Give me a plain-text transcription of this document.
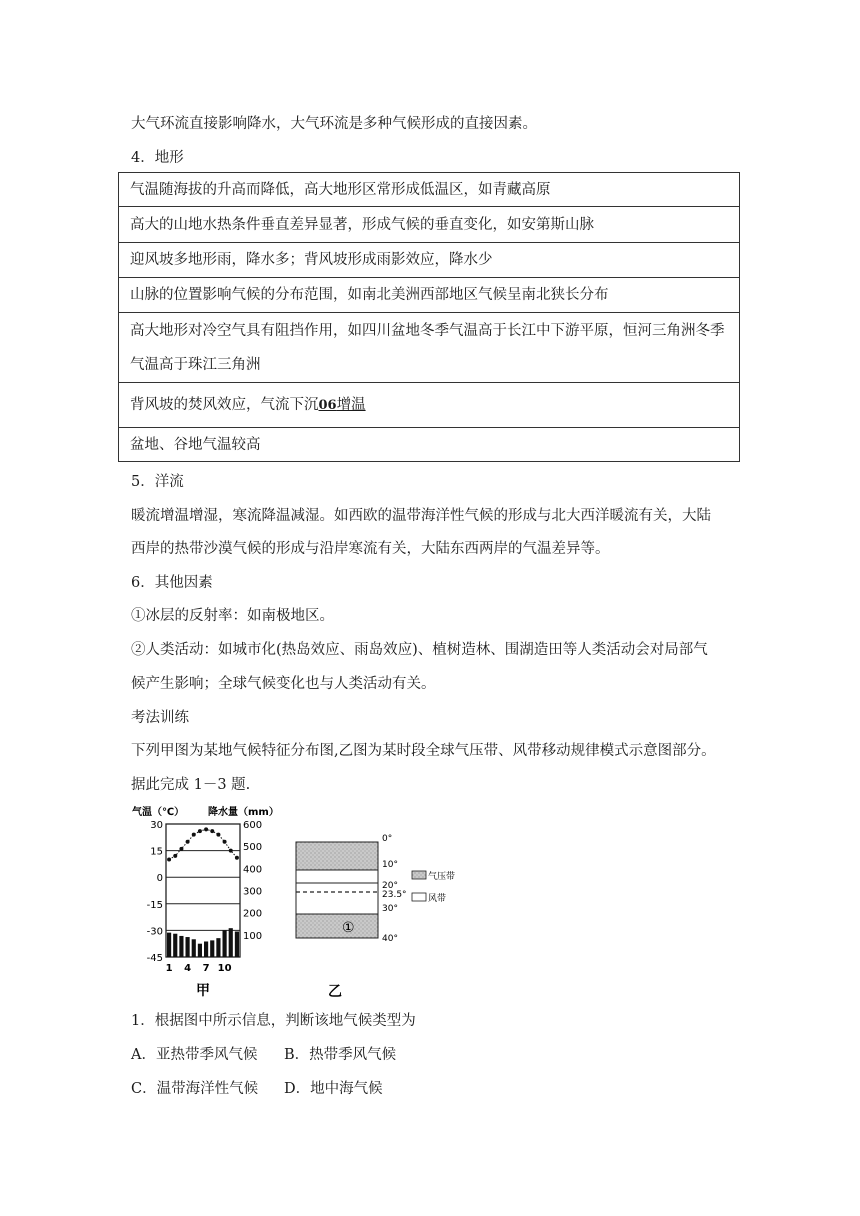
大气环流直接影响降水，大气环流是多种气候形成的直接因素。
4．地形
气温随海拔的升高而降低，高大地形区常形成低温区，如青藏高原
高大的山地水热条件垂直差异显著，形成气候的垂直变化，如安第斯山脉
迎风坡多地形雨，降水多；背风坡形成雨影效应，降水少
山脉的位置影响气候的分布范围，如南北美洲西部地区气候呈南北狭长分布
高大地形对冷空气具有阻挡作用，如四川盆地冬季气温高于长江中下游平原，恒河三角洲冬季气温高于珠江三角洲
背风坡的焚风效应，气流下沉06增温
盆地、谷地气温较高
5．洋流
暖流增温增湿，寒流降温减湿。如西欧的温带海洋性气候的形成与北大西洋暖流有关，大陆
西岸的热带沙漠气候的形成与沿岸寒流有关，大陆东西两岸的气温差异等。
6．其他因素
①冰层的反射率：如南极地区。
②人类活动：如城市化(热岛效应、雨岛效应)、植树造林、围湖造田等人类活动会对局部气
候产生影响；全球气候变化也与人类活动有关。
考法训练
下列甲图为某地气候特征分布图,乙图为某时段全球气压带、风带移动规律模式示意图部分。
据此完成 1－3 题.
气温（℃） 降水量（mm）
30
15
0
-15
-30
-45
600
500
400
300
200
100
1 4 7 10
甲
①
0°
10°
20°
23.5°
30°
40°
气压带
风带
乙
1．根据图中所示信息，判断该地气候类型为
A．亚热带季风气候 B．热带季风气候
C．温带海洋性气候 D．地中海气候
